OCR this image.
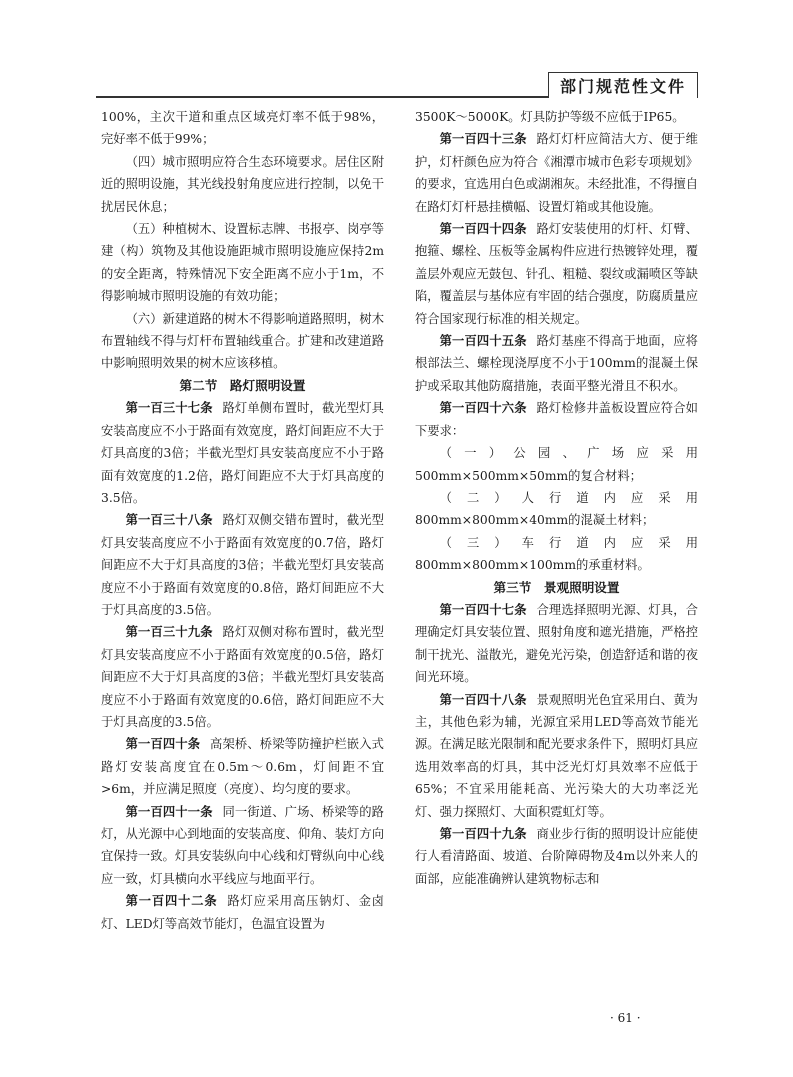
部门规范性文件

100%，主次干道和重点区域亮灯率不低于98%，完好率不低于99%；

（四）城市照明应符合生态环境要求。居住区附近的照明设施，其光线投射角度应进行控制，以免干扰居民休息；

（五）种植树木、设置标志牌、书报亭、岗亭等建（构）筑物及其他设施距城市照明设施应保持2m的安全距离，特殊情况下安全距离不应小于1m，不得影响城市照明设施的有效功能；

（六）新建道路的树木不得影响道路照明，树木布置轴线不得与灯杆布置轴线重合。扩建和改建道路中影响照明效果的树木应该移植。

第二节　路灯照明设置

第一百三十七条 路灯单侧布置时，截光型灯具安装高度应不小于路面有效宽度，路灯间距应不大于灯具高度的3倍；半截光型灯具安装高度应不小于路面有效宽度的1.2倍，路灯间距应不大于灯具高度的3.5倍。

第一百三十八条 路灯双侧交错布置时，截光型灯具安装高度应不小于路面有效宽度的0.7倍，路灯间距应不大于灯具高度的3倍；半截光型灯具安装高度应不小于路面有效宽度的0.8倍，路灯间距应不大于灯具高度的3.5倍。

第一百三十九条 路灯双侧对称布置时，截光型灯具安装高度应不小于路面有效宽度的0.5倍，路灯间距应不大于灯具高度的3倍；半截光型灯具安装高度应不小于路面有效宽度的0.6倍，路灯间距应不大于灯具高度的3.5倍。

第一百四十条 高架桥、桥梁等防撞护栏嵌入式路灯安装高度宜在0.5m～0.6m，灯间距不宜>6m，并应满足照度（亮度）、均匀度的要求。

第一百四十一条 同一街道、广场、桥梁等的路灯，从光源中心到地面的安装高度、仰角、装灯方向宜保持一致。灯具安装纵向中心线和灯臂纵向中心线应一致，灯具横向水平线应与地面平行。

第一百四十二条 路灯应采用高压钠灯、金卤灯、LED灯等高效节能灯，色温宜设置为

3500K～5000K。灯具防护等级不应低于IP65。

第一百四十三条 路灯灯杆应简洁大方、便于维护，灯杆颜色应为符合《湘潭市城市色彩专项规划》的要求，宜选用白色或湖湘灰。未经批准，不得擅自在路灯灯杆悬挂横幅、设置灯箱或其他设施。

第一百四十四条 路灯安装使用的灯杆、灯臂、抱箍、螺栓、压板等金属构件应进行热镀锌处理，覆盖层外观应无鼓包、针孔、粗糙、裂纹或漏喷区等缺陷，覆盖层与基体应有牢固的结合强度，防腐质量应符合国家现行标准的相关规定。

第一百四十五条 路灯基座不得高于地面，应将根部法兰、螺栓现浇厚度不小于100mm的混凝土保护或采取其他防腐措施，表面平整光滑且不积水。

第一百四十六条 路灯检修井盖板设置应符合如下要求：

（一）公园、广场应采用500mm×500mm×50mm的复合材料；

（二）人行道内应采用800mm×800mm×40mm的混凝土材料；

（三）车行道内应采用800mm×800mm×100mm的承重材料。

第三节　景观照明设置

第一百四十七条 合理选择照明光源、灯具，合理确定灯具安装位置、照射角度和遮光措施，严格控制干扰光、溢散光，避免光污染，创造舒适和谐的夜间光环境。

第一百四十八条 景观照明光色宜采用白、黄为主，其他色彩为辅，光源宜采用LED等高效节能光源。在满足眩光限制和配光要求条件下，照明灯具应选用效率高的灯具，其中泛光灯灯具效率不应低于65%；不宜采用能耗高、光污染大的大功率泛光灯、强力探照灯、大面积霓虹灯等。

第一百四十九条 商业步行街的照明设计应能使行人看清路面、坡道、台阶障碍物及4m以外来人的面部，应能准确辨认建筑物标志和

· 61 ·
